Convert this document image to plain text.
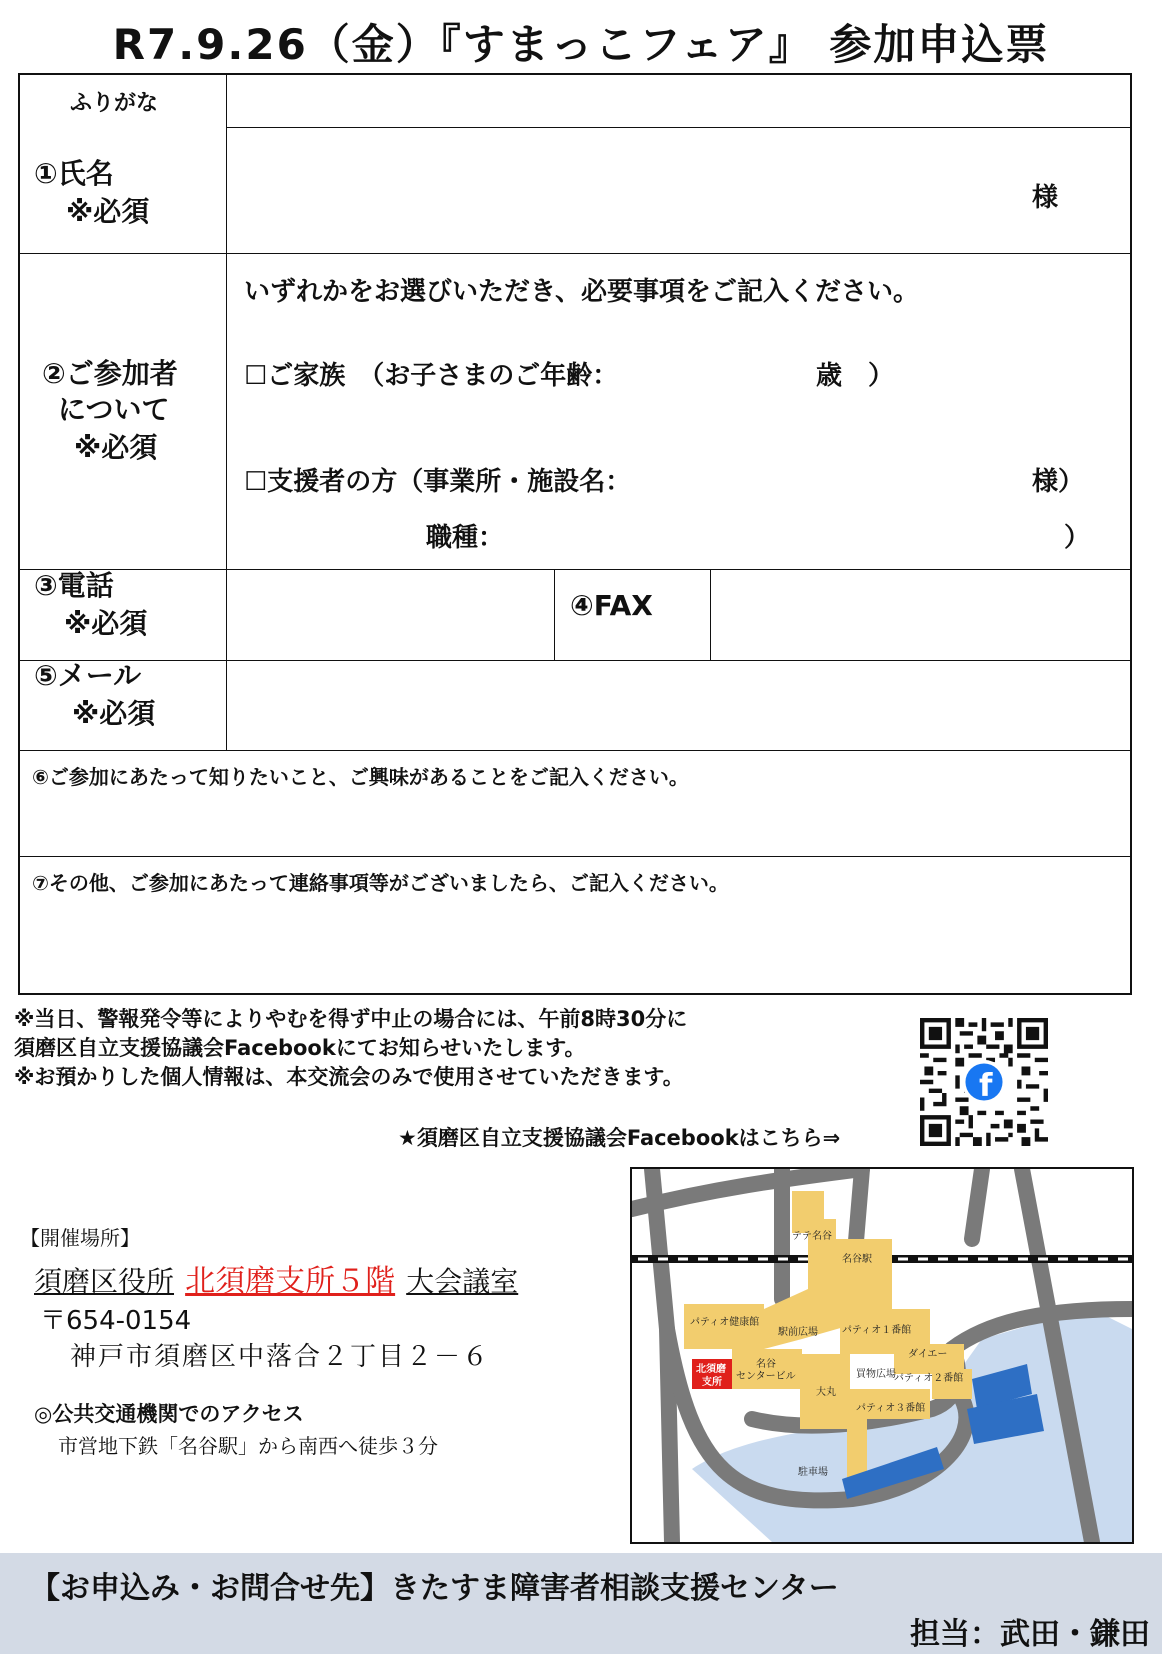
R7.9.26（金）『すまっこフェア』 参加申込票
ふりがな
①氏名
※必須	様
②ご参加者
について
※必須
いずれかをお選びいただき、必要事項をご記入ください。
☐ご家族　（お子さまのご年齢：	歳　）
☐支援者の方（事業所・施設名：	様）
職種：	）
③電話
※必須
④FAX
⑤メール
※必須
⑥ご参加にあたって知りたいこと、ご興味があることをご記入ください。
⑦その他、ご参加にあたって連絡事項等がございましたら、ご記入ください。
※当日、警報発令等によりやむを得ず中止の場合には、午前8時30分に
須磨区自立支援協議会Facebookにてお知らせいたします。
※お預かりした個人情報は、本交流会のみで使用させていただきます。
★須磨区自立支援協議会Facebookはこちら⇒
f
【開催場所】
須磨区役所 北須磨支所５階 大会議室
〒654-0154
神戸市須磨区中落合２丁目２－６
◎公共交通機関でのアクセス
市営地下鉄「名谷駅」から南西へ徒歩３分
テテ名谷
名谷駅
パティオ健康館
駅前広場 パティオ１番館
ダイエー
北須磨
支所
名谷
センタービル	買物広場
パティオ２番館
大丸
パティオ３番館
駐車場
【お申込み・お問合せ先】きたすま障害者相談支援センター
担当：武田・鎌田
